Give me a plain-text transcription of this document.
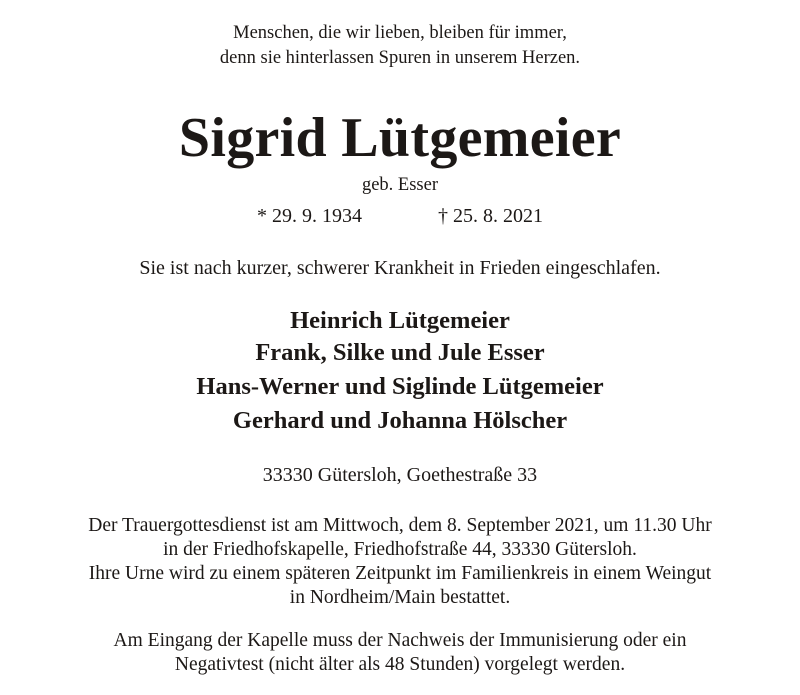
Menschen, die wir lieben, bleiben für immer,
denn sie hinterlassen Spuren in unserem Herzen.
Sigrid Lütgemeier
geb. Esser
* 29. 9. 1934	† 25. 8. 2021
Sie ist nach kurzer, schwerer Krankheit in Frieden eingeschlafen.
Heinrich Lütgemeier
Frank, Silke und Jule Esser
Hans-Werner und Siglinde Lütgemeier
Gerhard und Johanna Hölscher
33330 Gütersloh, Goethestraße 33
Der Trauergottesdienst ist am Mittwoch, dem 8. September 2021, um 11.30 Uhr
in der Friedhofskapelle, Friedhofstraße 44, 33330 Gütersloh.
Ihre Urne wird zu einem späteren Zeitpunkt im Familienkreis in einem Weingut
in Nordheim/Main bestattet.
Am Eingang der Kapelle muss der Nachweis der Immunisierung oder ein
Negativtest (nicht älter als 48 Stunden) vorgelegt werden.
